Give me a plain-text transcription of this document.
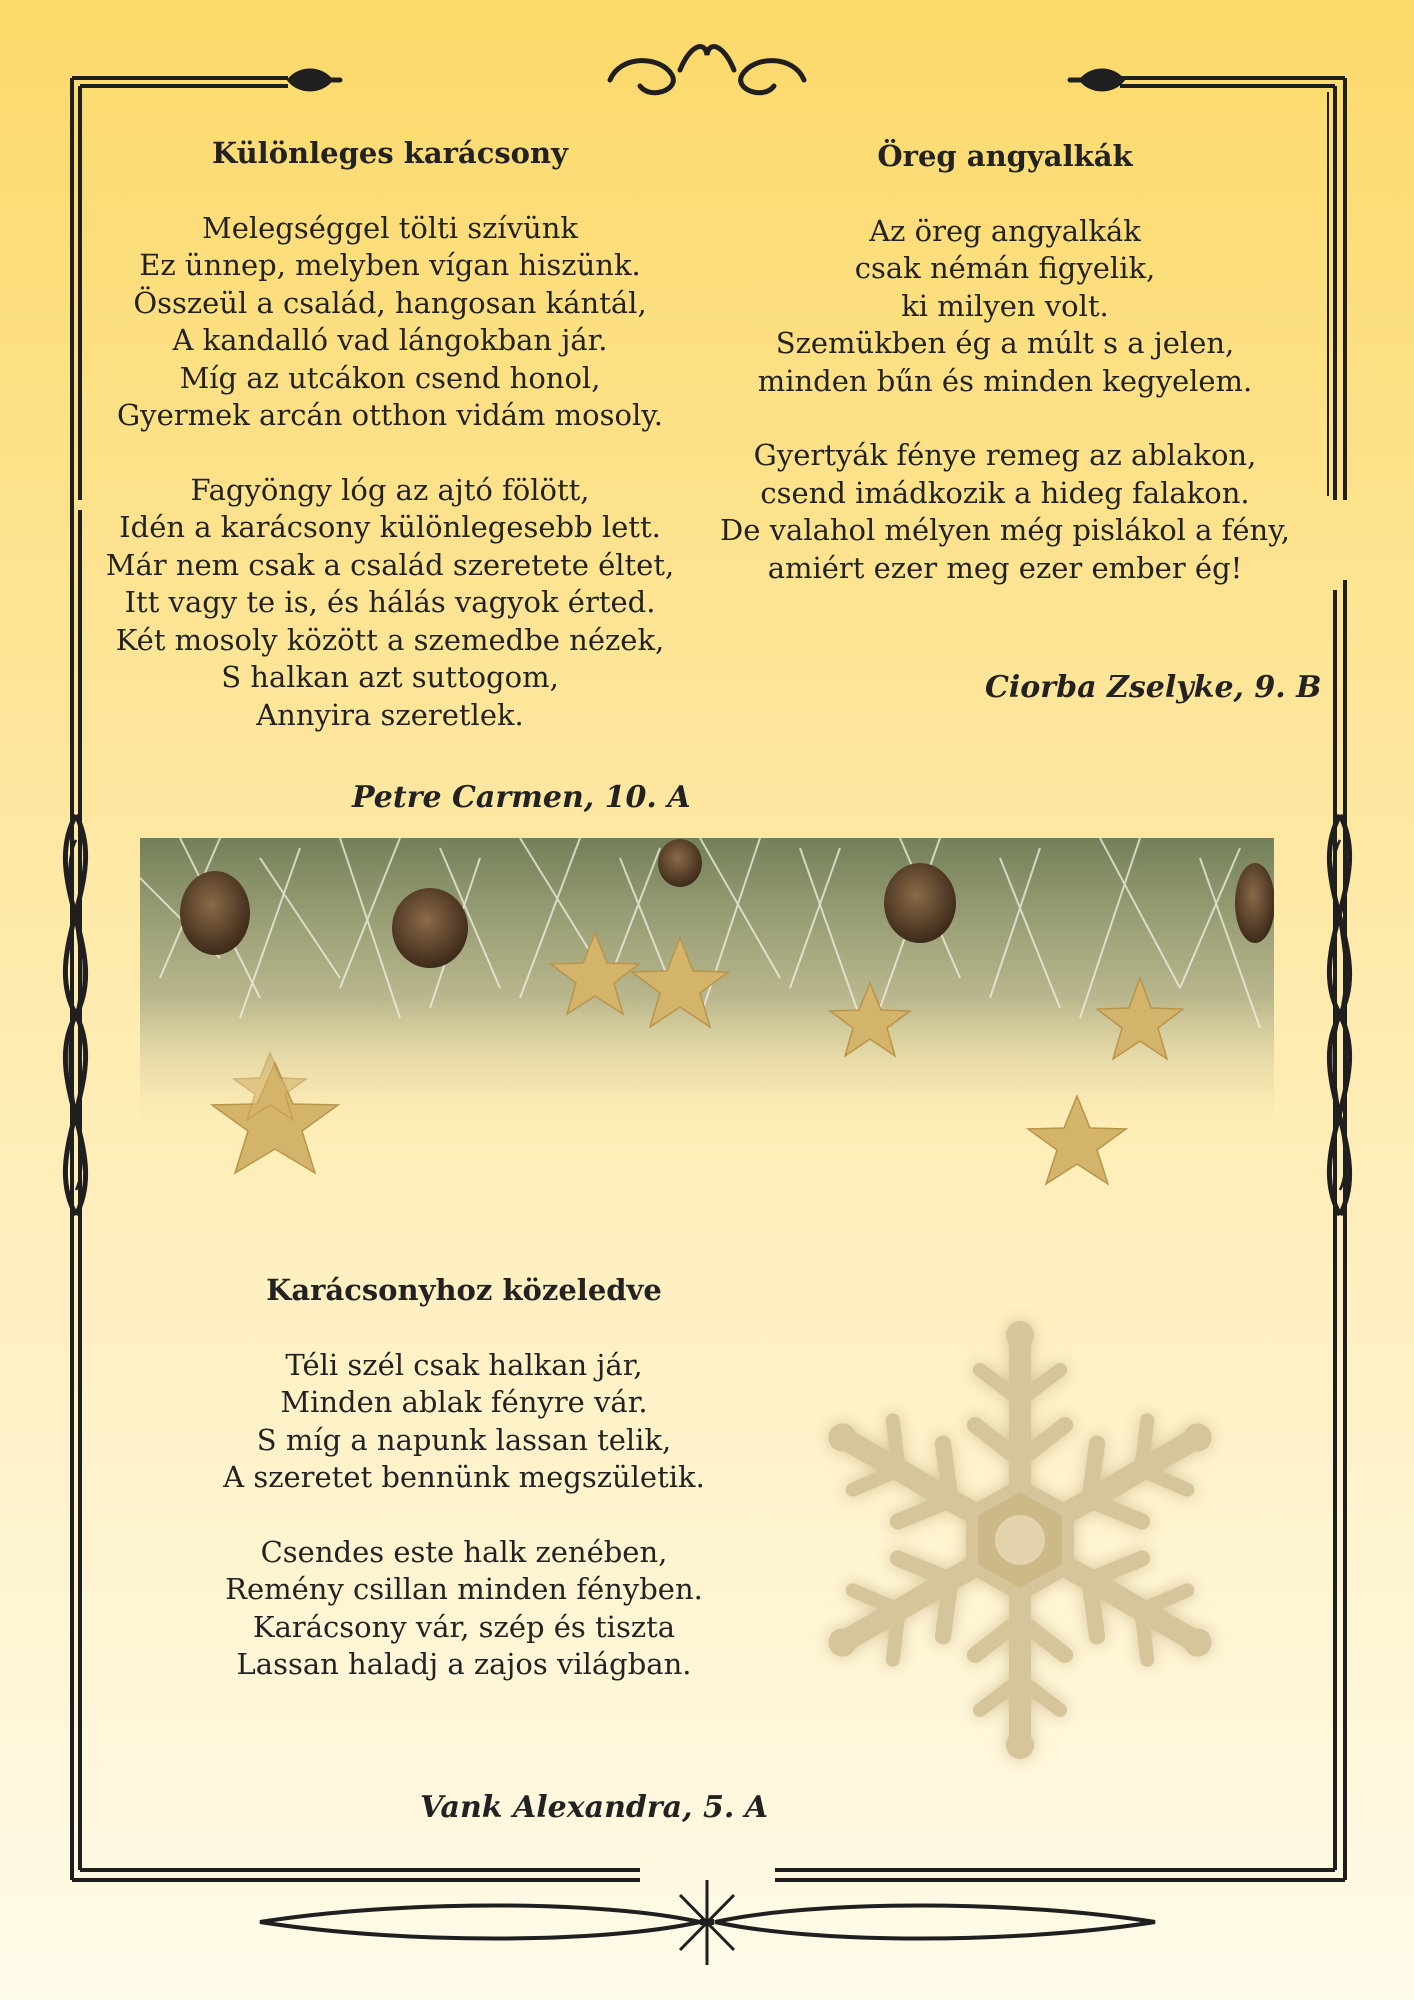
Különleges karácsony
Melegséggel tölti szívünk
Ez ünnep, melyben vígan hiszünk.
Összeül a család, hangosan kántál,
A kandalló vad lángokban jár.
Míg az utcákon csend honol,
Gyermek arcán otthon vidám mosoly.
Fagyöngy lóg az ajtó fölött,
Idén a karácsony különlegesebb lett.
Már nem csak a család szeretete éltet,
Itt vagy te is, és hálás vagyok érted.
Két mosoly között a szemedbe nézek,
S halkan azt suttogom,
Annyira szeretlek.
Petre Carmen, 10. A
Öreg angyalkák
Az öreg angyalkák
csak némán figyelik,
ki milyen volt.
Szemükben ég a múlt s a jelen,
minden bűn és minden kegyelem.
Gyertyák fénye remeg az ablakon,
csend imádkozik a hideg falakon.
De valahol mélyen még pislákol a fény,
amiért ezer meg ezer ember ég!
Ciorba Zselyke, 9. B
Karácsonyhoz közeledve
Téli szél csak halkan jár,
Minden ablak fényre vár.
S míg a napunk lassan telik,
A szeretet bennünk megszületik.
Csendes este halk zenében,
Remény csillan minden fényben.
Karácsony vár, szép és tiszta
Lassan haladj a zajos világban.
Vank Alexandra, 5. A
